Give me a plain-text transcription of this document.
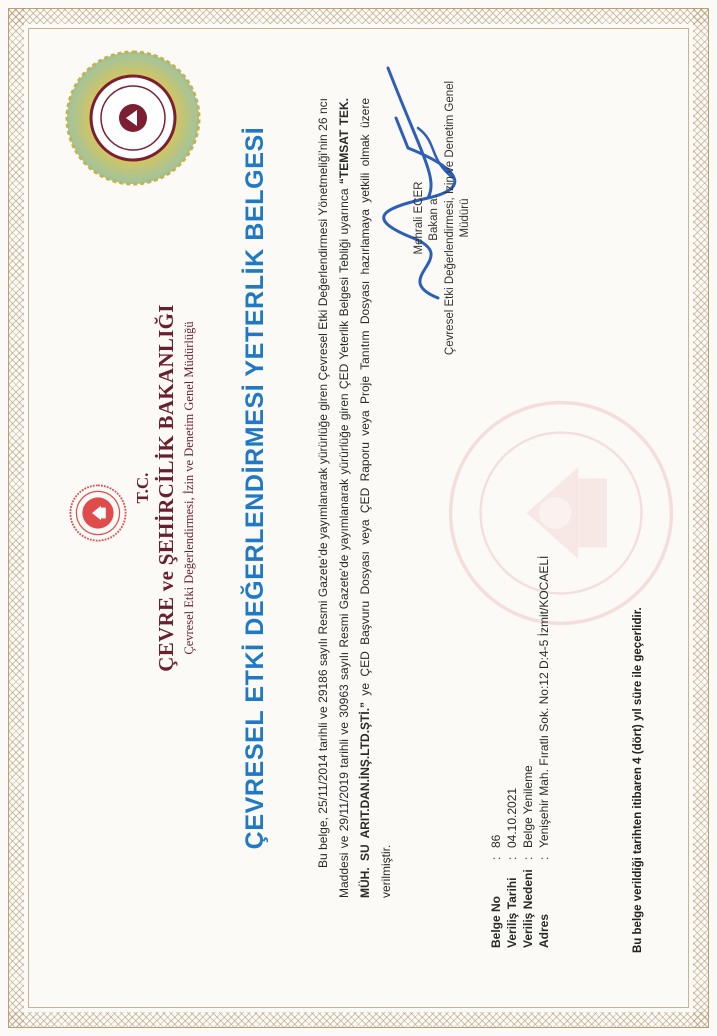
T.C. ÇEVRE ve ŞEHİRCİLİK BAKANLIĞI Çevresel Etki Değerlendirmesi, İzin ve Denetim Genel Müdürlüğü ÇEVRESEL ETKİ DEĞERLENDİRMESİ YETERLİK BELGESİ	Bu belge, 25/11/2014 tarihli ve 29186 sayılı Resmi Gazete’de yayımlanarak yürürlüğe giren Çevresel Etki Değerlendirmesi Yönetmeliği’nin 26 ncı Maddesi ve 29/11/2019 tarihli ve 30963 sayılı Resmi Gazete’de yayımlanarak yürürlüğe giren ÇED Yeterlik Belgesi Tebliği uyarınca “TEMSAT TEK. MÜH. SU ARIT.DAN.İNŞ.LTD.ŞTİ.” ye ÇED Başvuru Dosyası veya ÇED Raporu veya Proje Tanıtım Dosyası hazırlamaya yetkili olmak üzere verilmiştir.
Mehrali ECER Bakan a. Çevresel Etki Değerlendirmesi, İzin ve Denetim Genel Müdürü
Belge No
:
86
Veriliş Tarihi
:
04.10.2021
Veriliş Nedeni
:
Belge Yenileme
Adres
:
Yenişehir Mah. Fıratlı Sok. No:12 D:4-5 İzmit/KOCAELİ	Bu belge verildiği tarihten itibaren 4 (dört) yıl süre ile geçerlidir.
